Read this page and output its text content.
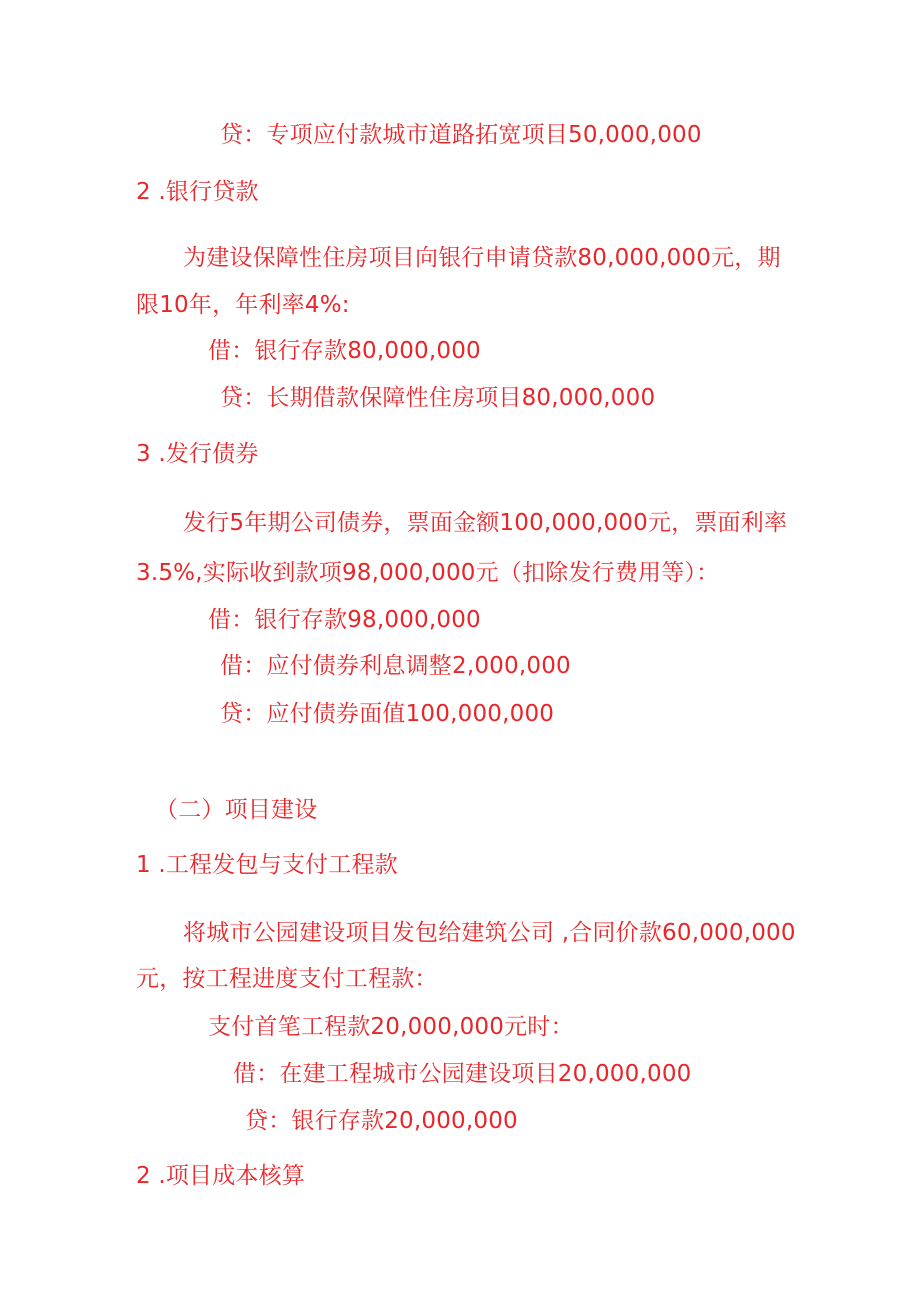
贷：专项应付款城市道路拓宽项目50,000,000
2 .银行贷款
为建设保障性住房项目向银行申请贷款80,000,000元，期
限10年，年利率4%:
借：银行存款80,000,000
贷：长期借款保障性住房项目80,000,000
3 .发行债券
发行5年期公司债券，票面金额100,000,000元，票面利率
3.5%,实际收到款项98,000,000元（扣除发行费用等）：
借：银行存款98,000,000
借：应付债券利息调整2,000,000
贷：应付债券面值100,000,000
（二）项目建设
1 .工程发包与支付工程款
将城市公园建设项目发包给建筑公司 ,合同价款60,000,000
元，按工程进度支付工程款：
支付首笔工程款20,000,000元时：
借：在建工程城市公园建设项目20,000,000
贷：银行存款20,000,000
2 .项目成本核算
